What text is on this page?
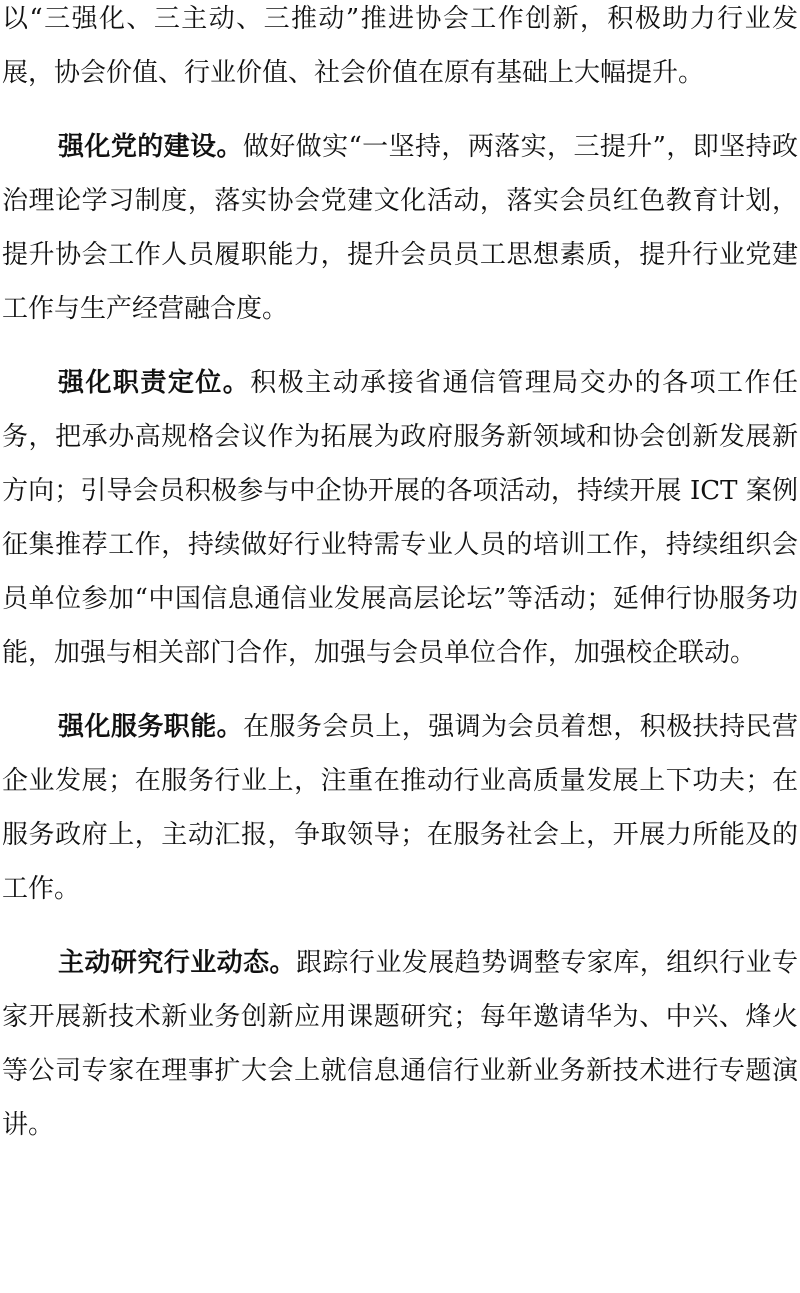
以“三强化、三主动、三推动”推进协会工作创新，积极助力行业发展，协会价值、行业价值、社会价值在原有基础上大幅提升。

强化党的建设。做好做实“一坚持，两落实，三提升”，即坚持政治理论学习制度，落实协会党建文化活动，落实会员红色教育计划，提升协会工作人员履职能力，提升会员员工思想素质，提升行业党建工作与生产经营融合度。

强化职责定位。积极主动承接省通信管理局交办的各项工作任务，把承办高规格会议作为拓展为政府服务新领域和协会创新发展新方向；引导会员积极参与中企协开展的各项活动，持续开展 ICT 案例征集推荐工作，持续做好行业特需专业人员的培训工作，持续组织会员单位参加“中国信息通信业发展高层论坛”等活动；延伸行协服务功能，加强与相关部门合作，加强与会员单位合作，加强校企联动。

强化服务职能。在服务会员上，强调为会员着想，积极扶持民营企业发展；在服务行业上，注重在推动行业高质量发展上下功夫；在服务政府上，主动汇报，争取领导；在服务社会上，开展力所能及的工作。

主动研究行业动态。跟踪行业发展趋势调整专家库，组织行业专家开展新技术新业务创新应用课题研究；每年邀请华为、中兴、烽火等公司专家在理事扩大会上就信息通信行业新业务新技术进行专题演讲。
